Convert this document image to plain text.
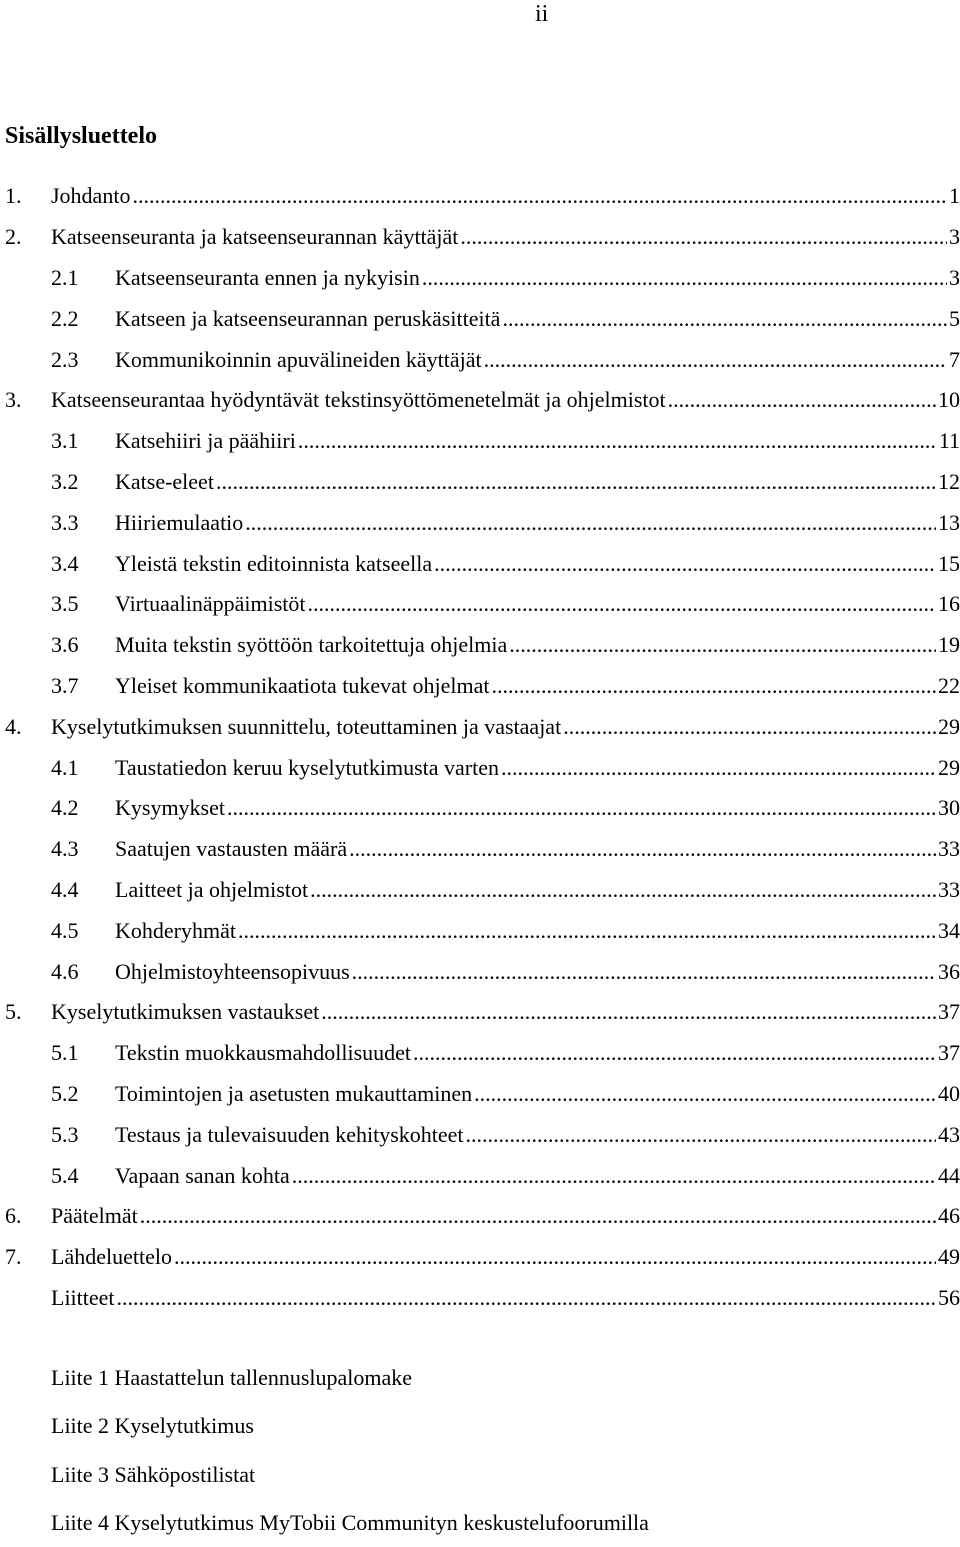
ii
Sisällysluettelo
1. Johdanto .....	1
2. Katseenseuranta ja katseenseurannan käyttäjät .....	3
2.1 Katseenseuranta ennen ja nykyisin .....	3
2.2 Katseen ja katseenseurannan peruskäsitteitä .....	5
2.3 Kommunikoinnin apuvälineiden käyttäjät .....	7
3. Katseenseurantaa hyödyntävät tekstinsyöttömenetelmät ja ohjelmistot .....	10
3.1 Katsehiiri ja päähiiri .....	11
3.2 Katse-eleet .....	12
3.3 Hiiriemulaatio .....	13
3.4 Yleistä tekstin editoinnista katseella .....	15
3.5 Virtuaalinäppäimistöt .....	16
3.6 Muita tekstin syöttöön tarkoitettuja ohjelmia .....	19
3.7 Yleiset kommunikaatiota tukevat ohjelmat .....	22
4. Kyselytutkimuksen suunnittelu, toteuttaminen ja vastaajat .....	29
4.1 Taustatiedon keruu kyselytutkimusta varten .....	29
4.2 Kysymykset .....	30
4.3 Saatujen vastausten määrä .....	33
4.4 Laitteet ja ohjelmistot .....	33
4.5 Kohderyhmät .....	34
4.6 Ohjelmistoyhteensopivuus .....	36
5. Kyselytutkimuksen vastaukset .....	37
5.1 Tekstin muokkausmahdollisuudet .....	37
5.2 Toimintojen ja asetusten mukauttaminen .....	40
5.3 Testaus ja tulevaisuuden kehityskohteet .....	43
5.4 Vapaan sanan kohta .....	44
6. Päätelmät .....	46
7. Lähdeluettelo .....	49
Liitteet .....	56
Liite 1 Haastattelun tallennuslupalomake
Liite 2 Kyselytutkimus
Liite 3 Sähköpostilistat
Liite 4 Kyselytutkimus MyTobii Communityn keskustelufoorumilla
